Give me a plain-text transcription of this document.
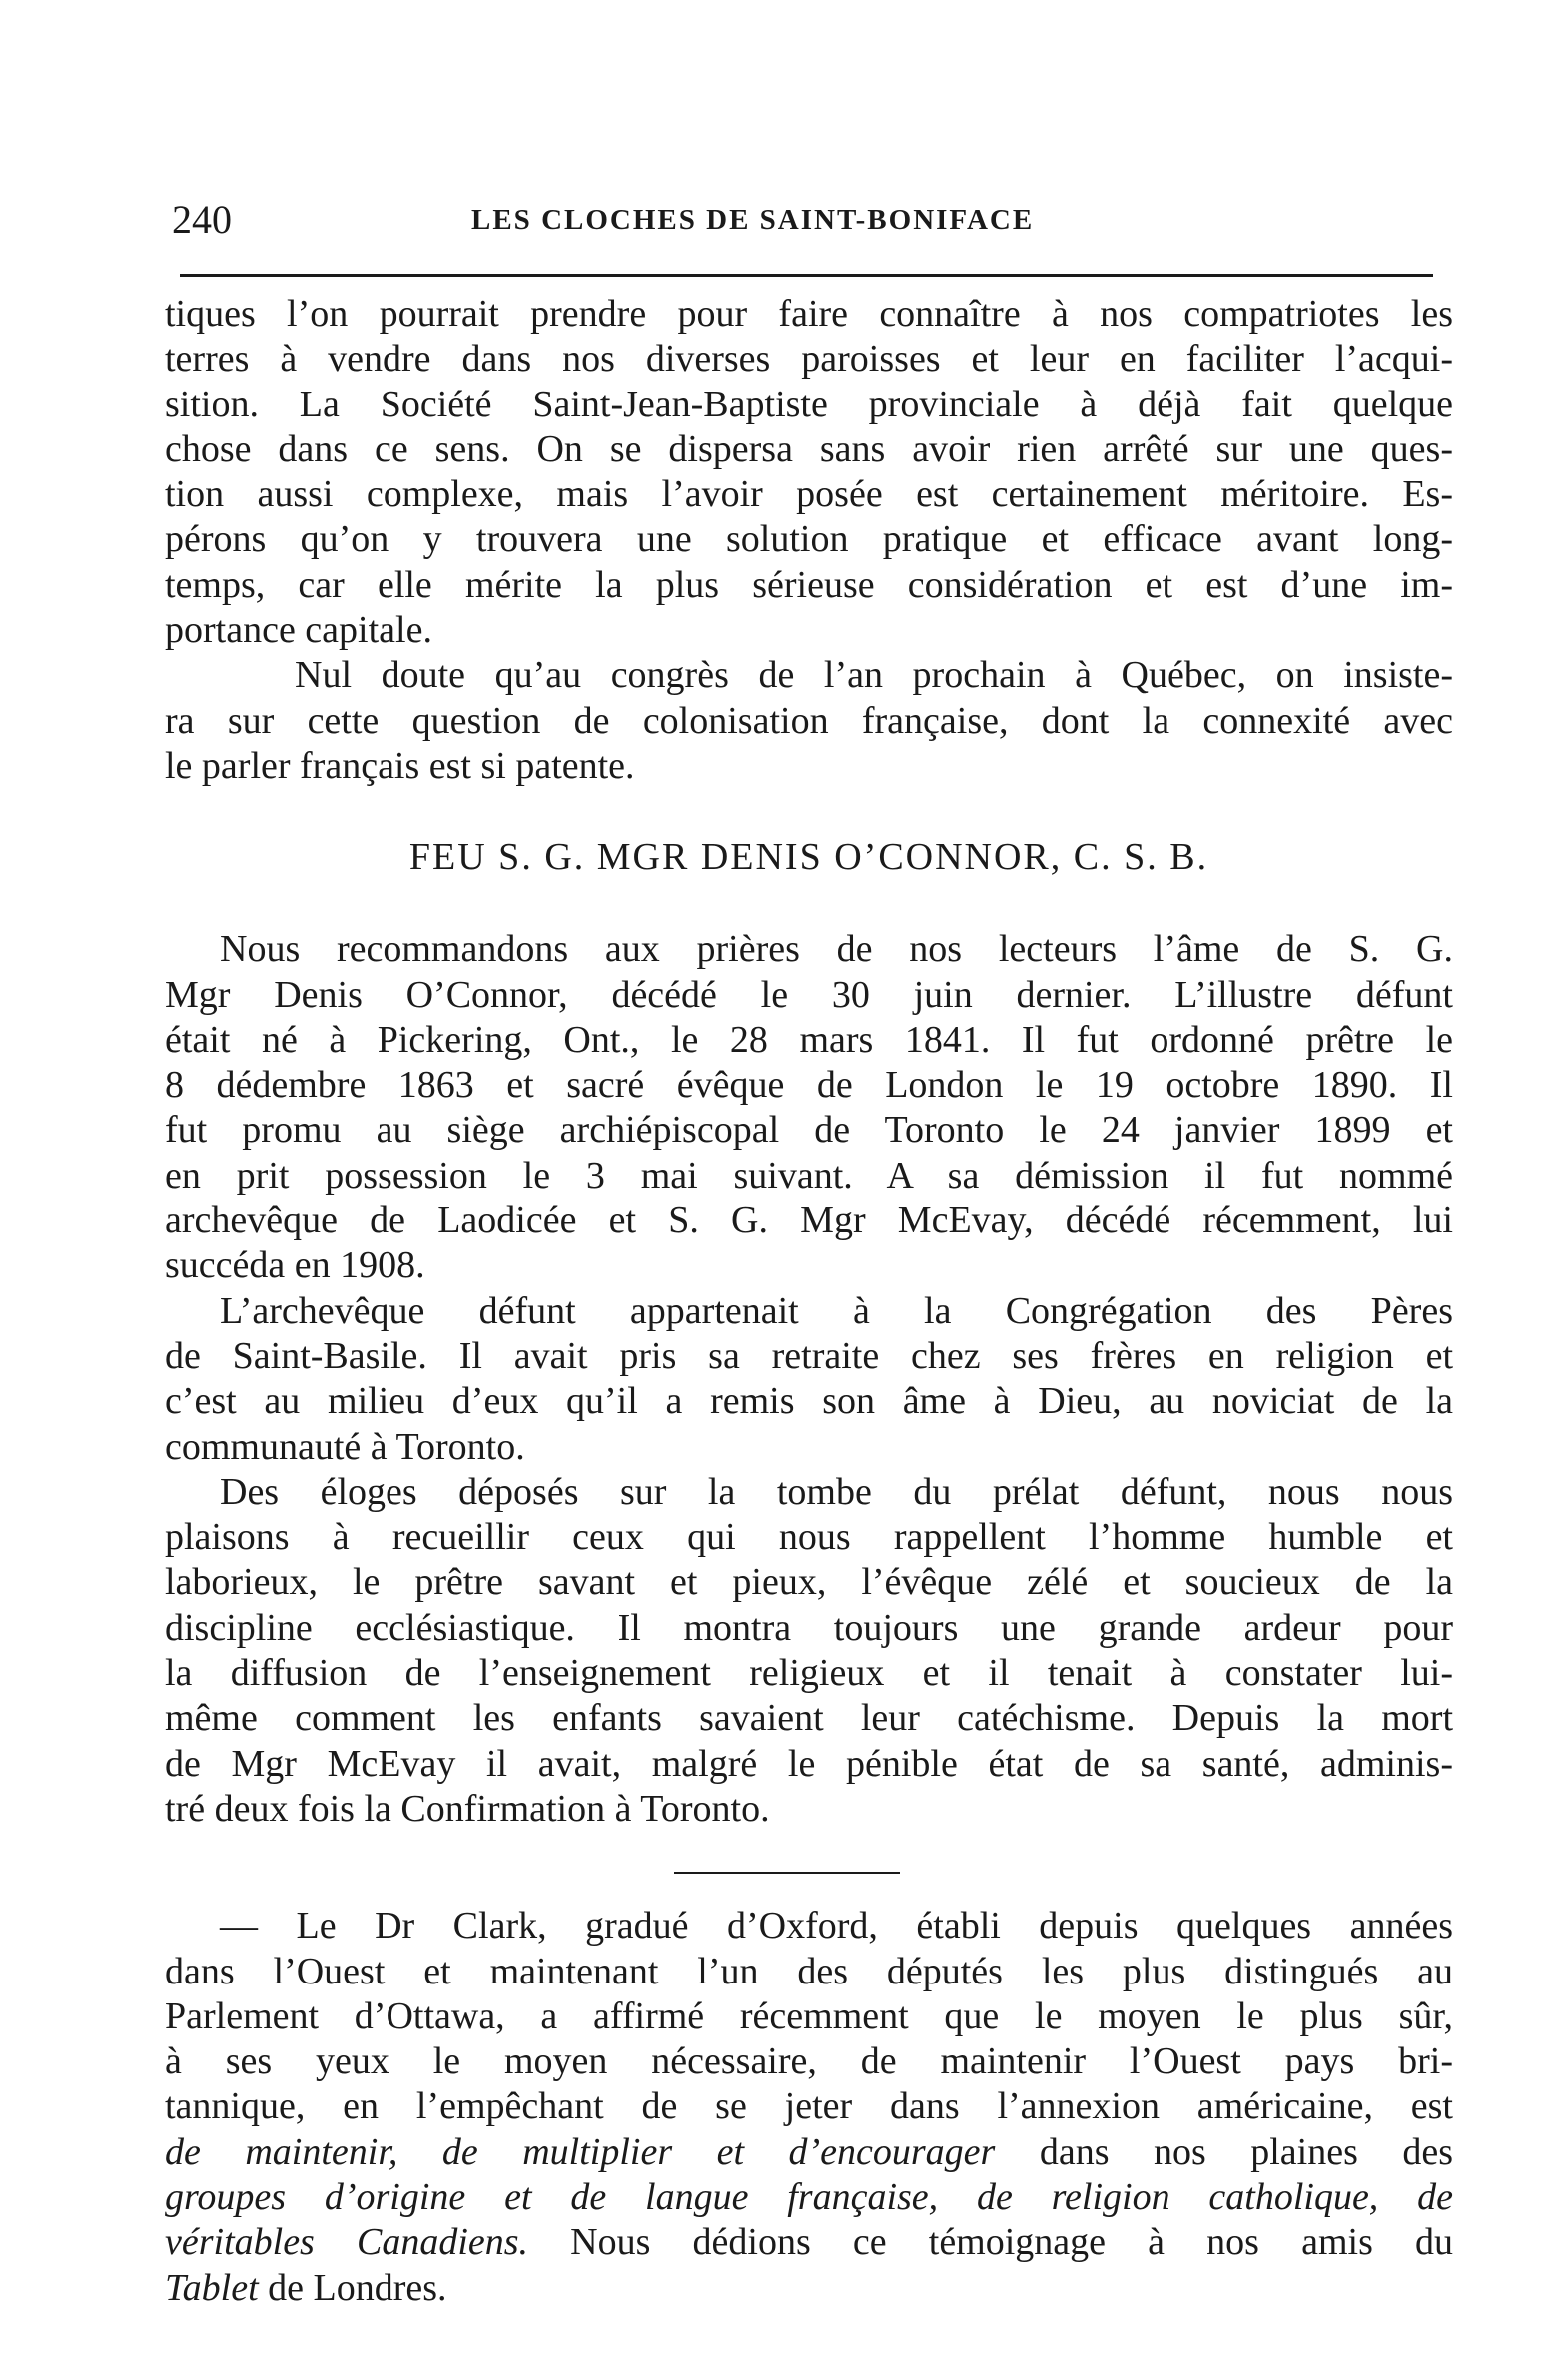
240	LES CLOCHES DE SAINT-BONIFACE
tiques l’on pourrait prendre pour faire connaître à nos compatriotes les
terres à vendre dans nos diverses paroisses et leur en faciliter l’acqui-
sition. La Société Saint-Jean-Baptiste provinciale à déjà fait quelque
chose dans ce sens. On se dispersa sans avoir rien arrêté sur une ques-
tion aussi complexe, mais l’avoir posée est certainement méritoire. Es-
pérons qu’on y trouvera une solution pratique et efficace avant long-
temps, car elle mérite la plus sérieuse considération et est d’une im-
portance capitale.
Nul doute qu’au congrès de l’an prochain à Québec, on insiste-
ra sur cette question de colonisation française, dont la connexité avec
le parler français est si patente.
FEU S. G. MGR DENIS O’CONNOR, C. S. B.
Nous recommandons aux prières de nos lecteurs l’âme de S. G.
Mgr Denis O’Connor, décédé le 30 juin dernier. L’illustre défunt
était né à Pickering, Ont., le 28 mars 1841. Il fut ordonné prêtre le
8 dédembre 1863 et sacré évêque de London le 19 octobre 1890. Il
fut promu au siège archiépiscopal de Toronto le 24 janvier 1899 et
en prit possession le 3 mai suivant. A sa démission il fut nommé
archevêque de Laodicée et S. G. Mgr McEvay, décédé récemment, lui
succéda en 1908.
L’archevêque défunt appartenait à la Congrégation des Pères
de Saint-Basile. Il avait pris sa retraite chez ses frères en religion et
c’est au milieu d’eux qu’il a remis son âme à Dieu, au noviciat de la
communauté à Toronto.
Des éloges déposés sur la tombe du prélat défunt, nous nous
plaisons à recueillir ceux qui nous rappellent l’homme humble et
laborieux, le prêtre savant et pieux, l’évêque zélé et soucieux de la
discipline ecclésiastique. Il montra toujours une grande ardeur pour
la diffusion de l’enseignement religieux et il tenait à constater lui-
même comment les enfants savaient leur catéchisme. Depuis la mort
de Mgr McEvay il avait, malgré le pénible état de sa santé, adminis-
tré deux fois la Confirmation à Toronto.
— Le Dr Clark, gradué d’Oxford, établi depuis quelques années
dans l’Ouest et maintenant l’un des députés les plus distingués au
Parlement d’Ottawa, a affirmé récemment que le moyen le plus sûr,
à ses yeux le moyen nécessaire, de maintenir l’Ouest pays bri-
tannique, en l’empêchant de se jeter dans l’annexion américaine, est
de maintenir, de multiplier et d’encourager dans nos plaines des
groupes d’origine et de langue française, de religion catholique, de
véritables Canadiens. Nous dédions ce témoignage à nos amis du
Tablet de Londres.
